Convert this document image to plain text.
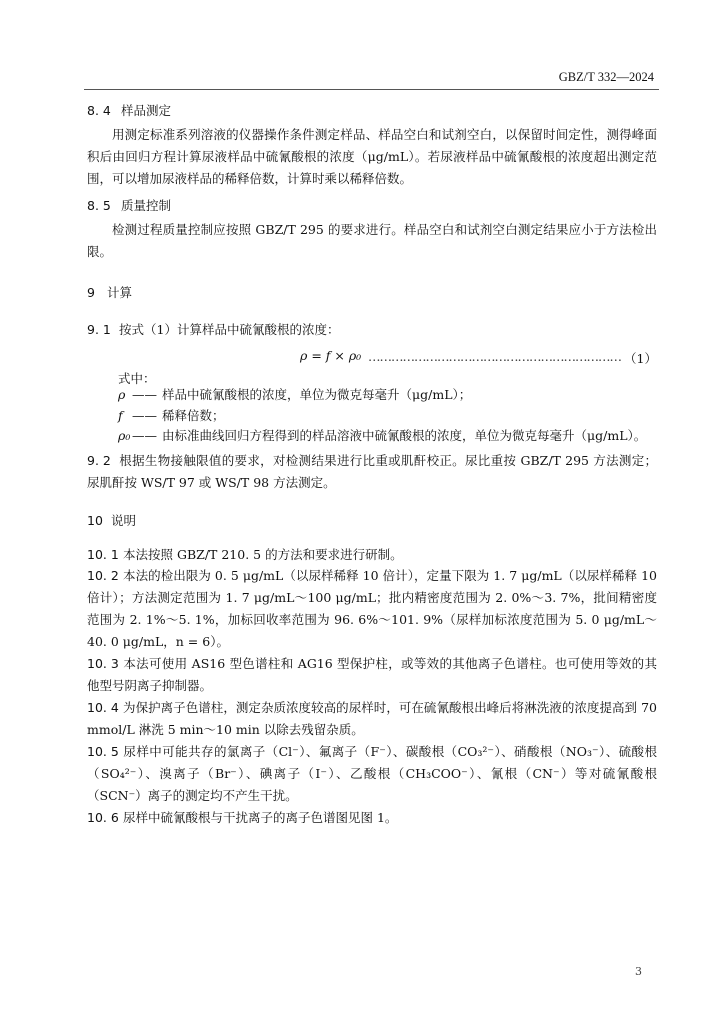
GBZ/T 332—2024
8. 4 样品测定
用测定标准系列溶液的仪器操作条件测定样品、样品空白和试剂空白，以保留时间定性，测得峰面积后由回归方程计算尿液样品中硫氰酸根的浓度（μg/mL）。若尿液样品中硫氰酸根的浓度超出测定范围，可以增加尿液样品的稀释倍数，计算时乘以稀释倍数。
8. 5 质量控制
检测过程质量控制应按照 GBZ/T 295 的要求进行。样品空白和试剂空白测定结果应小于方法检出限。
9 计算
9. 1 按式（1）计算样品中硫氰酸根的浓度：
ρ = f × ρ₀ ………………………………………………………… （1）
式中：
ρ —— 样品中硫氰酸根的浓度，单位为微克每毫升（μg/mL）；
f —— 稀释倍数；
ρ₀ —— 由标准曲线回归方程得到的样品溶液中硫氰酸根的浓度，单位为微克每毫升（μg/mL）。
9. 2 根据生物接触限值的要求，对检测结果进行比重或肌酐校正。尿比重按 GBZ/T 295 方法测定；尿肌酐按 WS/T 97 或 WS/T 98 方法测定。
10 说明
10. 1 本法按照 GBZ/T 210. 5 的方法和要求进行研制。
10. 2 本法的检出限为 0. 5 μg/mL（以尿样稀释 10 倍计），定量下限为 1. 7 μg/mL（以尿样稀释 10 倍计）；方法测定范围为 1. 7 μg/mL～100 μg/mL；批内精密度范围为 2. 0%～3. 7%，批间精密度范围为 2. 1%～5. 1%，加标回收率范围为 96. 6%～101. 9%（尿样加标浓度范围为 5. 0 μg/mL～40. 0 μg/mL，n = 6）。
10. 3 本法可使用 AS16 型色谱柱和 AG16 型保护柱，或等效的其他离子色谱柱。也可使用等效的其他型号阴离子抑制器。
10. 4 为保护离子色谱柱，测定杂质浓度较高的尿样时，可在硫氰酸根出峰后将淋洗液的浓度提高到 70 mmol/L 淋洗 5 min～10 min 以除去残留杂质。
10. 5 尿样中可能共存的氯离子（Cl⁻）、氟离子（F⁻）、碳酸根（CO₃²⁻）、硝酸根（NO₃⁻）、硫酸根（SO₄²⁻）、溴离子（Br⁻）、碘离子（I⁻）、乙酸根（CH₃COO⁻）、氰根（CN⁻）等对硫氰酸根（SCN⁻）离子的测定均不产生干扰。
10. 6 尿样中硫氰酸根与干扰离子的离子色谱图见图 1。
3
